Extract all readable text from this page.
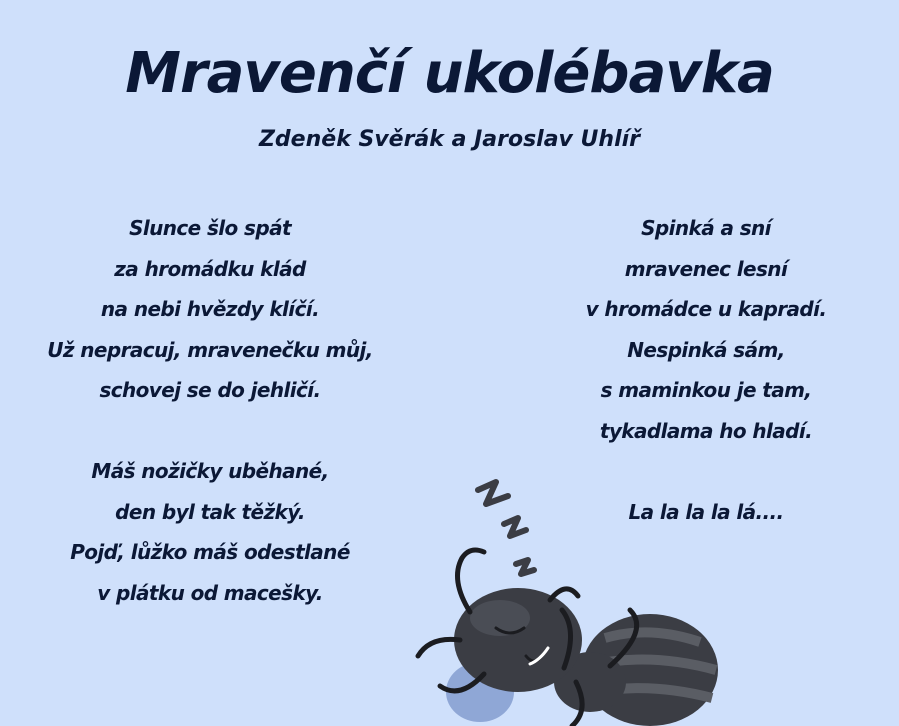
Mravenčí ukolébavka
Zdeněk Svěrák a Jaroslav Uhlíř
Slunce šlo spát
za hromádku klád
na nebi hvězdy klíčí.
Už nepracuj, mravenečku můj,
schovej se do jehličí.
Máš nožičky uběhané,
den byl tak těžký.
Pojď, lůžko máš odestlané
v plátku od macešky.
Spinká a sní
mravenec lesní
v hromádce u kapradí.
Nespinká sám,
s maminkou je tam,
tykadlama ho hladí.
La la la la lá....
